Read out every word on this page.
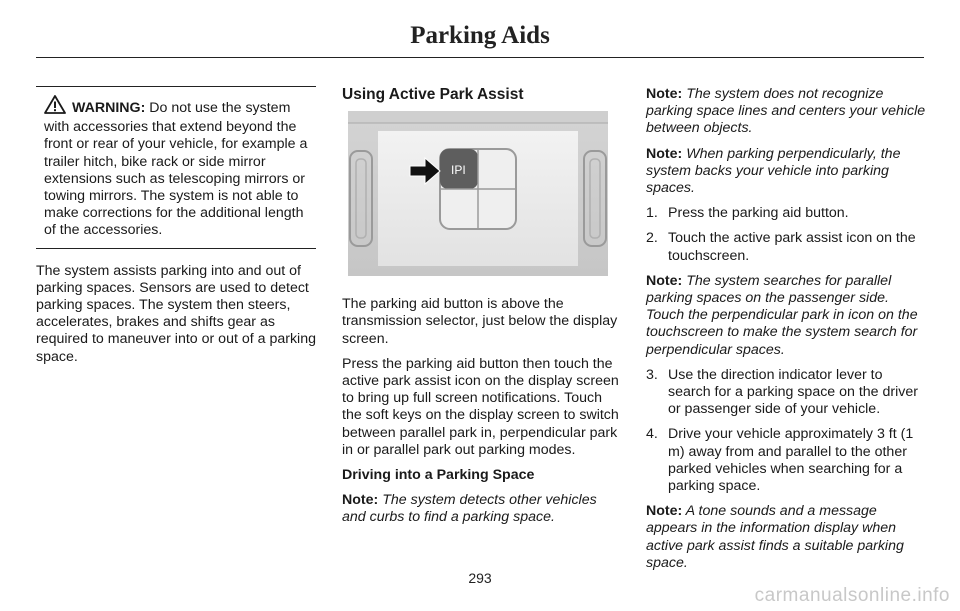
Parking Aids
WARNING: Do not use the system with accessories that extend beyond the front or rear of your vehicle, for example a trailer hitch, bike rack or side mirror extensions such as telescoping mirrors or towing mirrors. The system is not able to make corrections for the additional length of the accessories.

The system assists parking into and out of parking spaces. Sensors are used to detect parking spaces. The system then steers, accelerates, brakes and shifts gear as required to maneuver into or out of a parking space.

Using Active Park Assist

IPI

The parking aid button is above the transmission selector, just below the display screen.

Press the parking aid button then touch the active park assist icon on the display screen to bring up full screen notifications. Touch the soft keys on the display screen to switch between parallel park in, perpendicular park in or parallel park out parking modes.

Driving into a Parking Space

Note: The system detects other vehicles and curbs to find a parking space.

Note: The system does not recognize parking space lines and centers your vehicle between objects.

Note: When parking perpendicularly, the system backs your vehicle into parking spaces.

1. Press the parking aid button.
2. Touch the active park assist icon on the touchscreen.

Note: The system searches for parallel parking spaces on the passenger side. Touch the perpendicular park in icon on the touchscreen to make the system search for perpendicular spaces.

3. Use the direction indicator lever to search for a parking space on the driver or passenger side of your vehicle.
4. Drive your vehicle approximately 3 ft (1 m) away from and parallel to the other parked vehicles when searching for a parking space.

Note: A tone sounds and a message appears in the information display when active park assist finds a suitable parking space.

293
carmanualsonline.info
